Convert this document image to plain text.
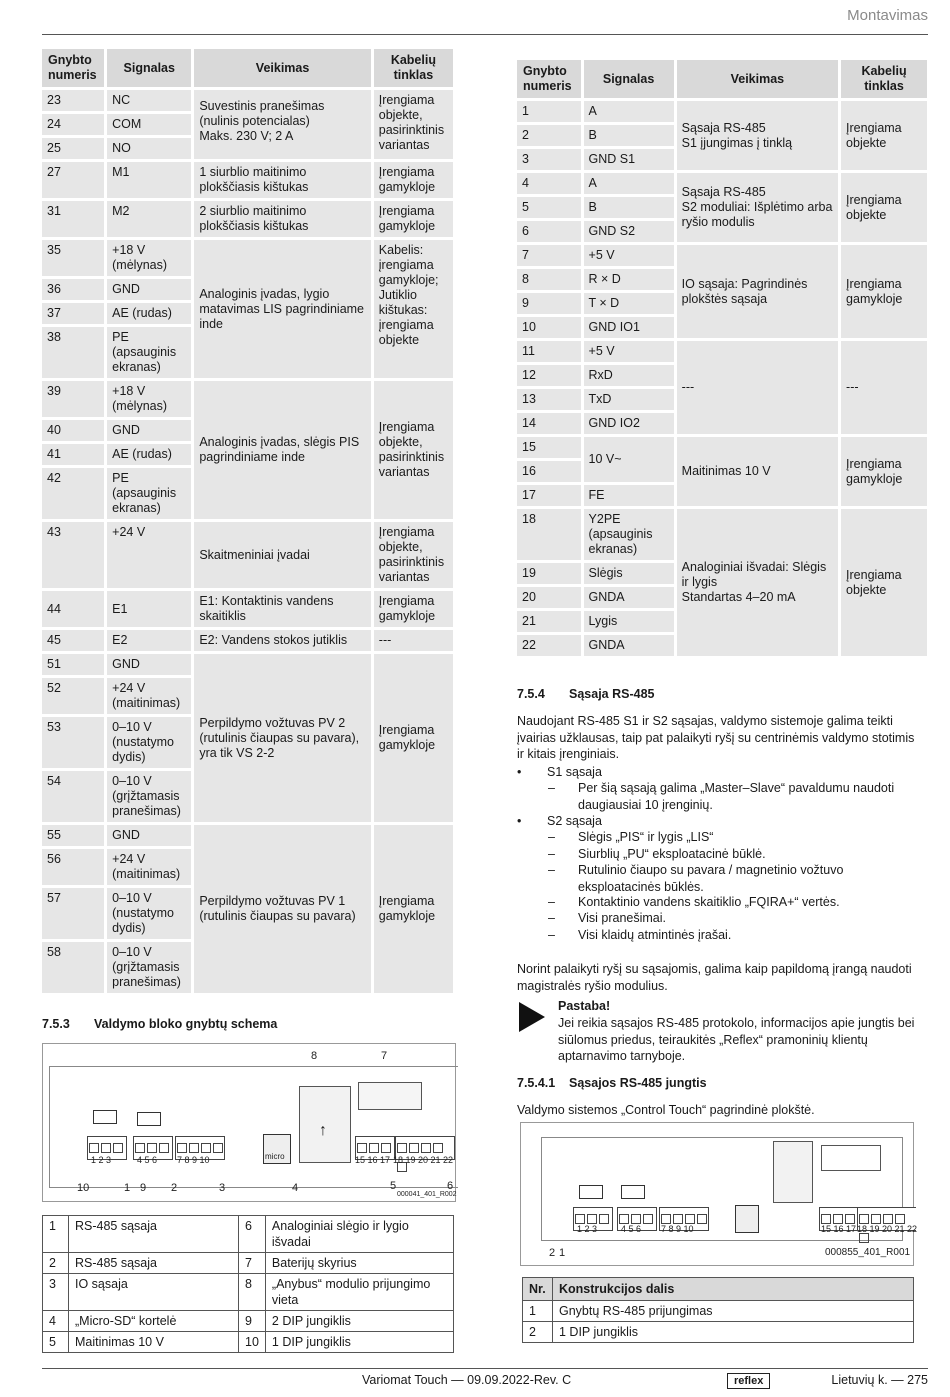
Montavimas
Gnybto numeris	Signalas	Veikimas	Kabelių tinklas
23	NC	Suvestinis pranešimas (nulinis potencialas)
Maks. 230 V; 2 A	Įrengiama objekte, pasirinktinis variantas
24	COM		
25	NO		
27	M1	1 siurblio maitinimo plokščiasis kištukas	Įrengiama gamykloje
31	M2	2 siurblio maitinimo plokščiasis kištukas	Įrengiama gamykloje
35	+18 V (mėlynas)	Analoginis įvadas, lygio matavimas LIS pagrindiniame inde	Kabelis: įrengiama gamykloje;
Jutiklio kištukas: įrengiama objekte

36	GND		
37	AE (rudas)		
38	PE (apsauginis ekranas)		
39	+18 V (mėlynas)	Analoginis įvadas, slėgis PIS pagrindiniame inde	Įrengiama objekte, pasirinktinis variantas
40	GND		
41	AE (rudas)		
42	PE (apsauginis ekranas)		
43	+24 V	Skaitmeniniai įvadai	Įrengiama objekte, pasirinktinis variantas
44	E1	E1: Kontaktinis vandens skaitiklis	Įrengiama gamykloje
45	E2	E2: Vandens stokos jutiklis	---
51	GND	Perpildymo vožtuvas PV 2 (rutulinis čiaupas su pavara), yra tik VS 2-2	Įrengiama gamykloje
52	+24 V (maitinimas)		
53	0–10 V (nustatymo dydis)		
54	0–10 V (grįžtamasis pranešimas)		
55	GND	Perpildymo vožtuvas PV 1 (rutulinis čiaupas su pavara)	Įrengiama gamykloje
56	+24 V (maitinimas)		
57	0–10 V (nustatymo dydis)		
58	0–10 V (grįžtamasis pranešimas)		
7.5.3 Valdymo bloko gnybtų schema
↑
8	7
micro
1 2 3	4 5 6 7 8 9 10	15 16 17 18 19 20 21 22
10	1 9 2	3	4	5	6
000041_401_R002
1	RS-485 sąsaja	6	Analoginiai slėgio ir lygio išvadai
2	RS-485 sąsaja	7	Baterijų skyrius
3	IO sąsaja	8	„Anybus“ modulio prijungimo vieta
4	„Micro-SD“ kortelė	9	2 DIP jungiklis
5	Maitinimas 10 V	10	1 DIP jungiklis
Gnybto numeris	Signalas	Veikimas	Kabelių tinklas
1	A	Sąsaja RS-485
S1 įjungimas į tinklą	Įrengiama objekte
2	B		
3	GND S1		
4	A	Sąsaja RS-485
S2 moduliai: Išplėtimo arba ryšio modulis	Įrengiama objekte
5	B		
6	GND S2		
7	+5 V	IO sąsaja: Pagrindinės plokštės sąsaja	Įrengiama gamykloje
8	R × D		
9	T × D		
10	GND IO1		
11	+5 V	---	---
12	RxD		
13	TxD		
14	GND IO2		
15	10 V~	Maitinimas 10 V	Įrengiama gamykloje
16			
17	FE		
18	Y2PE (apsauginis ekranas)	Analoginiai išvadai: Slėgis ir lygis
Standartas 4–20 mA	Įrengiama objekte
19	Slėgis		
20	GNDA		
21	Lygis		
22	GNDA		
7.5.4 Sąsaja RS-485
Naudojant RS-485 S1 ir S2 sąsajas, valdymo sistemoje galima teikti įvairias užklausas, taip pat palaikyti ryšį su centrinėmis valdymo stotimis ir kitais įrenginiais.
• S1 sąsaja
– Per šią sąsają galima „Master–Slave“ pavaldumu naudoti daugiausiai 10 įrenginių.
• S2 sąsaja
– Slėgis „PIS“ ir lygis „LIS“
– Siurblių „PU“ eksploatacinė būklė.
– Rutulinio čiaupo su pavara / magnetinio vožtuvo eksploatacinės būklės.
– Kontaktinio vandens skaitiklio „FQIRA+“ vertės.
– Visi pranešimai.
– Visi klaidų atmintinės įrašai.
Norint palaikyti ryšį su sąsajomis, galima kaip papildomą įrangą naudoti magistralės ryšio modulius.
Pastaba!
Jei reikia sąsajos RS-485 protokolo, informacijos apie jungtis bei siūlomus priedus, teiraukitės „Reflex“ pramoninių klientų aptarnavimo tarnyboje.
7.5.4.1 Sąsajos RS-485 jungtis
Valdymo sistemos „Control Touch“ pagrindinė plokštė.
1 2 3	4 5 6 7 8 9 10	15 16 17 18 19 20 21 22
2 1	000855_401_R001
Nr.	Konstrukcijos dalis
1	Gnybtų RS-485 prijungimas
2	1 DIP jungiklis
Variomat Touch — 09.09.2022-Rev. C	reflex	Lietuvių k. — 275
